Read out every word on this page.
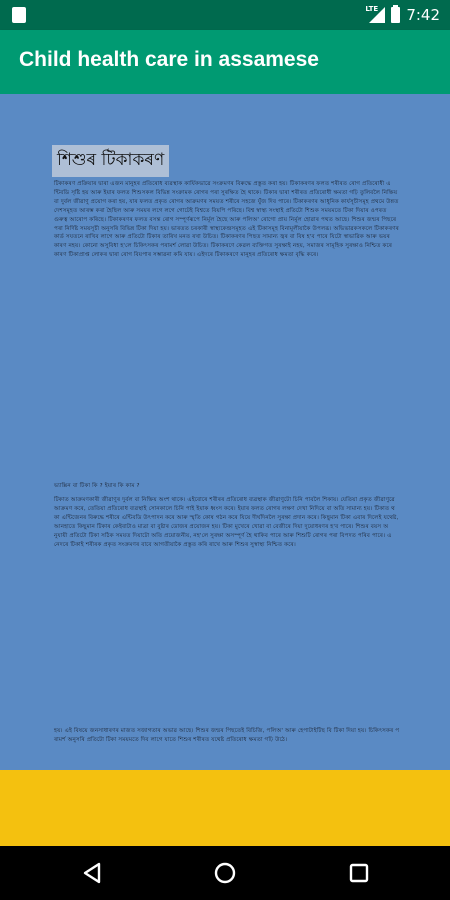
LTE 7:42
Child health care in assamese
শিশুৰ টিকাকৰণ
টিকাকৰণ প্ৰক্ৰিয়াৰ দ্বাৰা এজন মানুহৰ প্ৰতিৰোধ ব্যৱস্থাক কাৰ্যিকভাৱে সংক্ৰমণৰ বিৰুদ্ধে প্ৰস্তুত কৰা হয়। টিকাকৰণৰ ফলত শৰীৰত ৰোগ প্ৰতিৰোধী এন্টিবডি সৃষ্টি হয় আৰু ইয়াৰ ফলত শিশুসকল বিভিন্ন সংক্ৰামক ৰোগৰ পৰা সুৰক্ষিত হৈ থাকে। টিকাৰ দ্বাৰা শৰীৰত প্ৰতিৰোধী ক্ষমতা গঢ়ি তুলিবলৈ নিষ্ক্ৰিয় বা দুৰ্বল জীৱাণু প্ৰয়োগ কৰা হয়, যাৰ ফলত প্ৰকৃত ৰোগৰ আক্ৰমণৰ সময়ত শৰীৰে সহজে যুঁজ দিব পাৰে। টিকাকৰণৰ আধুনিক কাৰ্যসূচীসমূহ প্ৰথমে উন্নত দেশসমূহত আৰম্ভ কৰা হৈছিল আৰু সময়ৰ লগে লগে গোটেই বিশ্বতে বিয়পি পৰিছে। বিশ্ব স্বাস্থ্য সংস্থাই প্ৰতিটো শিশুক সময়মতে টিকা দিয়াৰ ওপৰত গুৰুত্ব আৰোপ কৰিছে। টিকাকৰণৰ ফলত বসন্ত ৰোগ সম্পূৰ্ণৰূপে নিৰ্মূল হৈছে আৰু পলিঅ' ৰোগো প্ৰায় নিৰ্মূল হোৱাৰ পথত আছে। শিশুৰ জন্মৰ পিছৰে পৰা নিৰ্দিষ্ট সময়সূচী অনুসৰি বিভিন্ন টিকা দিয়া হয়। ভাৰতত চৰকাৰী স্বাস্থ্যকেন্দ্ৰসমূহত এই টিকাসমূহ বিনামূলীয়াকৈ উপলব্ধ। অভিভাৱকসকলে টিকাকৰণৰ কাৰ্ড সযতনে ৰাখিব লাগে আৰু প্ৰতিটো টিকাৰ তাৰিখ মনত ৰখা উচিত। টিকাকৰণৰ পিছত সামান্য জ্বৰ বা বিষ হ'ব পাৰে যিটো স্বাভাৱিক আৰু ভয়ৰ কাৰণ নহয়। কোনো অসুবিধা হ'লে চিকিৎসকৰ পৰামৰ্শ লোৱা উচিত। টিকাকৰণে কেৱল ব্যক্তিগত সুৰক্ষাই নহয়, সমাজৰ সামূহিক সুৰক্ষাও নিশ্চিত কৰে কাৰণ টিকাপ্ৰাপ্ত লোকৰ দ্বাৰা ৰোগ বিয়পাৰ সম্ভাৱনা কমি যায়। এইদৰে টিকাকৰণে মানুহৰ প্ৰতিৰোধ ক্ষমতা বৃদ্ধি কৰে।
ভ্যাক্সিন বা টিকা কি ? ইয়াৰ কি কাম ?
টিকাত আক্ৰমণকাৰী জীৱাণুৰ দুৰ্বল বা নিষ্ক্ৰিয় অংশ থাকে। এইবোৰে শৰীৰৰ প্ৰতিৰোধ ব্যৱস্থাক জীৱাণুটো চিনি পাবলৈ শিকায়। যেতিয়া প্ৰকৃত জীৱাণুৱে আক্ৰমণ কৰে, তেতিয়া প্ৰতিৰোধ ব্যৱস্থাই সোনকালে চিনি পাই ইয়াক ধ্বংস কৰে। ইয়াৰ ফলত ৰোগৰ লক্ষণ দেখা নিদিয়ে বা অতি সামান্য হয়। টিকাত থকা এন্টিজেনৰ বিৰুদ্ধে শৰীৰে এন্টিবডি উৎপাদন কৰে আৰু স্মৃতি কোষ গঠন কৰে যিয়ে দীৰ্ঘদিনলৈ সুৰক্ষা প্ৰদান কৰে। কিছুমান টিকা এবাৰ দিলেই যথেষ্ট, আনহাতে কিছুমান টিকাৰ কেইবাটাও মাত্ৰা বা বুষ্টাৰ ডোজৰ প্ৰয়োজন হয়। টিকা মুখেৰে খোৱা বা বেজীৰে দিয়া দুয়োধৰণৰ হ'ব পাৰে। শিশুৰ বয়স অনুযায়ী প্ৰতিটো টিকা সঠিক সময়ত দিয়াটো অতি প্ৰয়োজনীয়, নহ'লে সুৰক্ষা অসম্পূৰ্ণ হৈ থাকিব পাৰে আৰু শিশুটি ৰোগৰ পৰা বিপদত পৰিব পাৰে। এনেদৰে টিকাই শৰীৰক প্ৰকৃত সংক্ৰমণৰ বাবে আগতীয়াকৈ প্ৰস্তুত কৰি ৰাখে আৰু শিশুৰ সুস্বাস্থ্য নিশ্চিত কৰে।
হয়। এই বিষয়ে জনসাধাৰণৰ মাজত সজাগতাৰ অভাৱ আছে। শিশুৰ জন্মৰ পিছতেই বিচিজি, পলিঅ' আৰু হেপাটাইটিছ বি টিকা দিয়া হয়। চিকিৎসকৰ পৰামৰ্শ অনুসৰি প্ৰতিটো টিকা সময়মতে দিব লাগে যাতে শিশুৰ শৰীৰত যথেষ্ট প্ৰতিৰোধ ক্ষমতা গঢ়ি উঠে।
